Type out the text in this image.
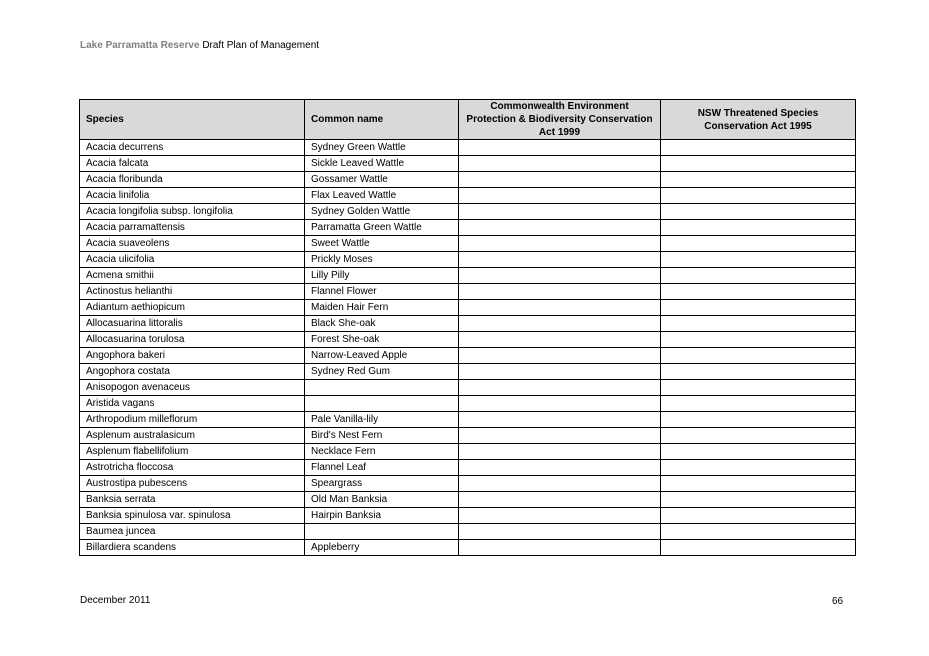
Lake Parramatta Reserve Draft Plan of Management
Species	Common name	Commonwealth Environment Protection & Biodiversity Conservation Act 1999	NSW Threatened Species Conservation Act 1995
Acacia decurrens	Sydney Green Wattle		
Acacia falcata	Sickle Leaved Wattle		
Acacia floribunda	Gossamer Wattle		
Acacia linifolia	Flax Leaved Wattle		
Acacia longifolia subsp. longifolia	Sydney Golden Wattle		
Acacia parramattensis	Parramatta Green Wattle		
Acacia suaveolens	Sweet Wattle		
Acacia ulicifolia	Prickly Moses		
Acmena smithii	Lilly Pilly		
Actinostus helianthi	Flannel Flower		
Adiantum aethiopicum	Maiden Hair Fern		
Allocasuarina littoralis	Black She-oak		
Allocasuarina torulosa	Forest She-oak		
Angophora bakeri	Narrow-Leaved Apple		
Angophora costata	Sydney Red Gum		
Anisopogon avenaceus			
Aristida vagans			
Arthropodium milleflorum	Pale Vanilla-lily		
Asplenum australasicum	Bird's Nest Fern		
Asplenum flabellifolium	Necklace Fern		
Astrotricha floccosa	Flannel Leaf		
Austrostipa pubescens	Speargrass		
Banksia serrata	Old Man Banksia		
Banksia spinulosa var. spinulosa	Hairpin Banksia		
Baumea juncea			
Billardiera scandens	Appleberry		
December 2011	66
